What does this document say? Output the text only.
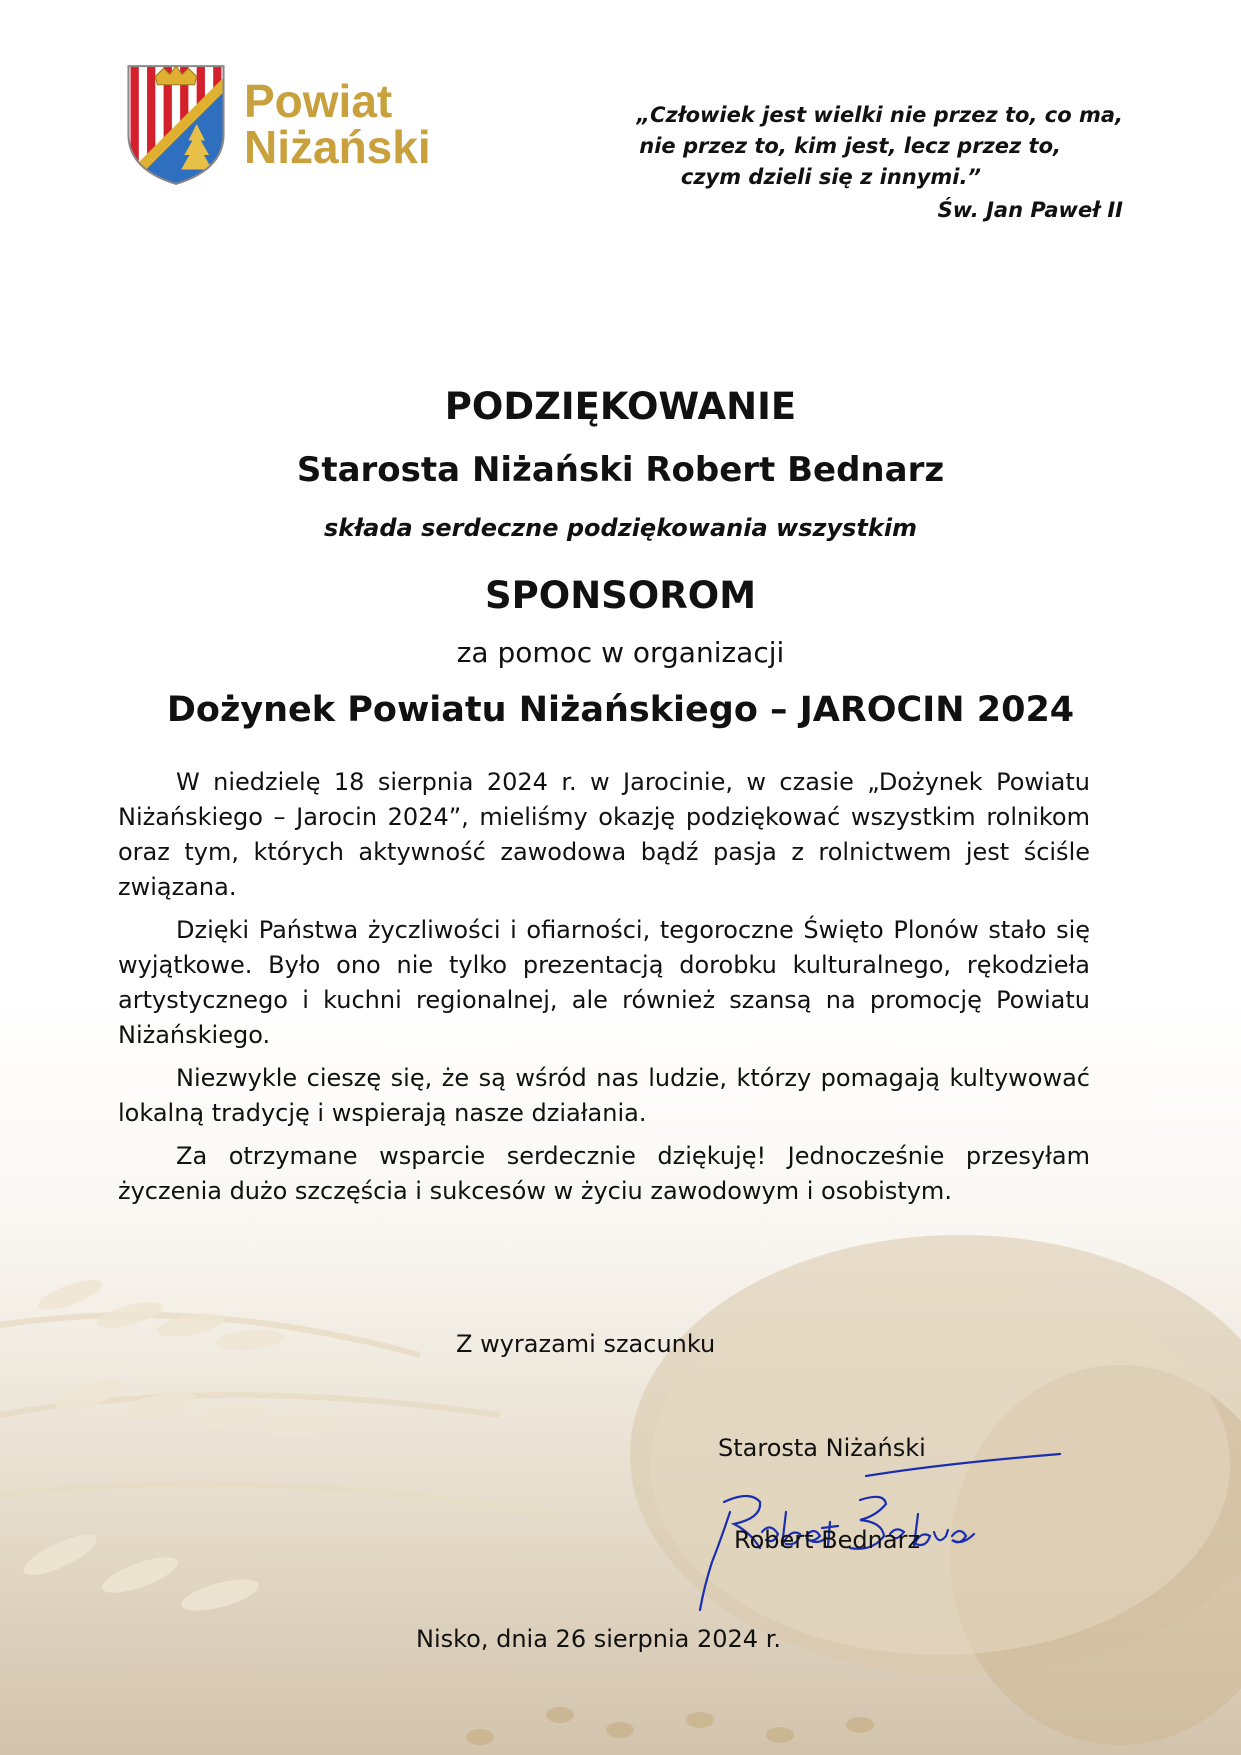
Powiat
Niżański
„Człowiek jest wielki nie przez to, co ma,
nie przez to, kim jest, lecz przez to,
czym dzieli się z innymi.”
Św. Jan Paweł II
PODZIĘKOWANIE
Starosta Niżański Robert Bednarz
składa serdeczne podziękowania wszystkim
SPONSOROM
za pomoc w organizacji
Dożynek Powiatu Niżańskiego – JAROCIN 2024

W niedzielę 18 sierpnia 2024 r. w Jarocinie, w czasie „Dożynek Powiatu Niżańskiego – Jarocin 2024”, mieliśmy okazję podziękować wszystkim rolnikom oraz tym, których aktywność zawodowa bądź pasja z rolnictwem jest ściśle związana.

Dzięki Państwa życzliwości i ofiarności, tegoroczne Święto Plonów stało się wyjątkowe. Było ono nie tylko prezentacją dorobku kulturalnego, rękodzieła artystycznego i kuchni regionalnej, ale również szansą na promocję Powiatu Niżańskiego.

Niezwykle cieszę się, że są wśród nas ludzie, którzy pomagają kultywować lokalną tradycję i wspierają nasze działania.

Za otrzymane wsparcie serdecznie dziękuję! Jednocześnie przesyłam życzenia dużo szczęścia i sukcesów w życiu zawodowym i osobistym.

Z wyrazami szacunku
Starosta Niżański
Robert Bednarz
Nisko, dnia 26 sierpnia 2024 r.
